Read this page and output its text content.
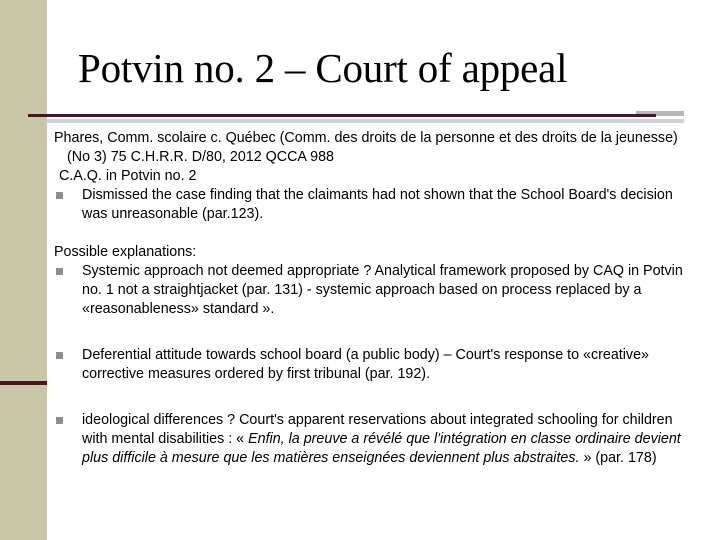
Potvin no. 2 – Court of appeal

Phares, Comm. scolaire c. Québec (Comm. des droits de la personne et des droits de la jeunesse) (No 3) 75 C.H.R.R. D/80, 2012 QCCA 988

C.A.Q. in Potvin no. 2

Dismissed the case finding that the claimants had not shown that the School Board's decision was unreasonable (par.123).

Possible explanations:

Systemic approach not deemed appropriate ? Analytical framework proposed by CAQ in Potvin no. 1 not a straightjacket (par. 131) - systemic approach based on process replaced by a «reasonableness» standard ».
Deferential attitude towards school board (a public body) – Court's response to «creative» corrective measures ordered by first tribunal (par. 192).
ideological differences ? Court's apparent reservations about integrated schooling for children with mental disabilities : « Enfin, la preuve a révélé que l'intégration en classe ordinaire devient plus difficile à mesure que les matières enseignées deviennent plus abstraites. » (par. 178)
